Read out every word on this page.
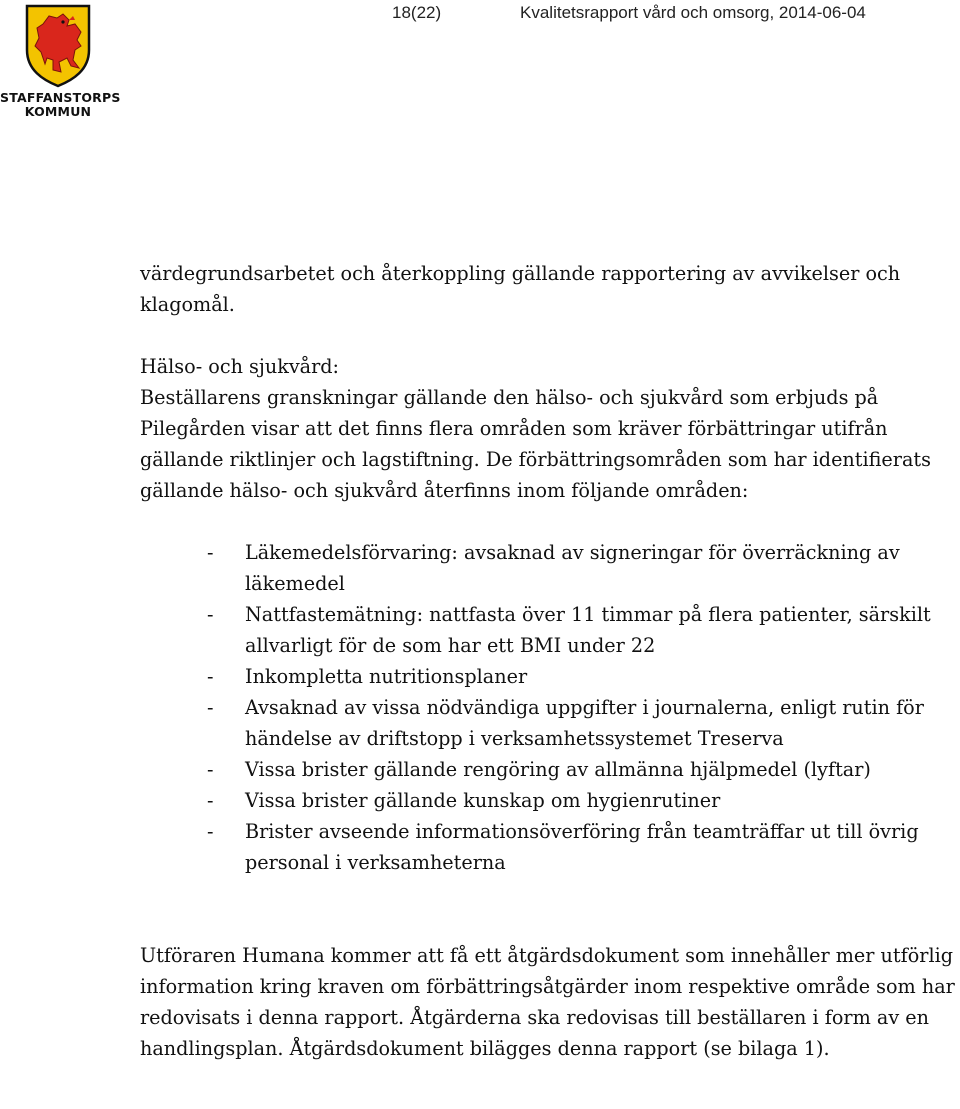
STAFFANSTORPS
KOMMUN
18(22)	Kvalitetsrapport vård och omsorg, 2014-06-04

värdegrundsarbetet och återkoppling gällande rapportering av avvikelser och klagomål.

Hälso- och sjukvård:

Beställarens granskningar gällande den hälso- och sjukvård som erbjuds på Pilegården visar att det finns flera områden som kräver förbättringar utifrån gällande riktlinjer och lagstiftning. De förbättringsområden som har identifierats gällande hälso- och sjukvård återfinns inom följande områden:

- Läkemedelsförvaring: avsaknad av signeringar för överräckning av läkemedel
- Nattfastemätning: nattfasta över 11 timmar på flera patienter, särskilt allvarligt för de som har ett BMI under 22
- Inkompletta nutritionsplaner
- Avsaknad av vissa nödvändiga uppgifter i journalerna, enligt rutin för händelse av driftstopp i verksamhetssystemet Treserva
- Vissa brister gällande rengöring av allmänna hjälpmedel (lyftar)
- Vissa brister gällande kunskap om hygienrutiner
- Brister avseende informationsöverföring från teamträffar ut till övrig personal i verksamheterna

Utföraren Humana kommer att få ett åtgärdsdokument som innehåller mer utförlig information kring kraven om förbättringsåtgärder inom respektive område som har redovisats i denna rapport. Åtgärderna ska redovisas till beställaren i form av en handlingsplan. Åtgärdsdokument bilägges denna rapport (se bilaga 1).
